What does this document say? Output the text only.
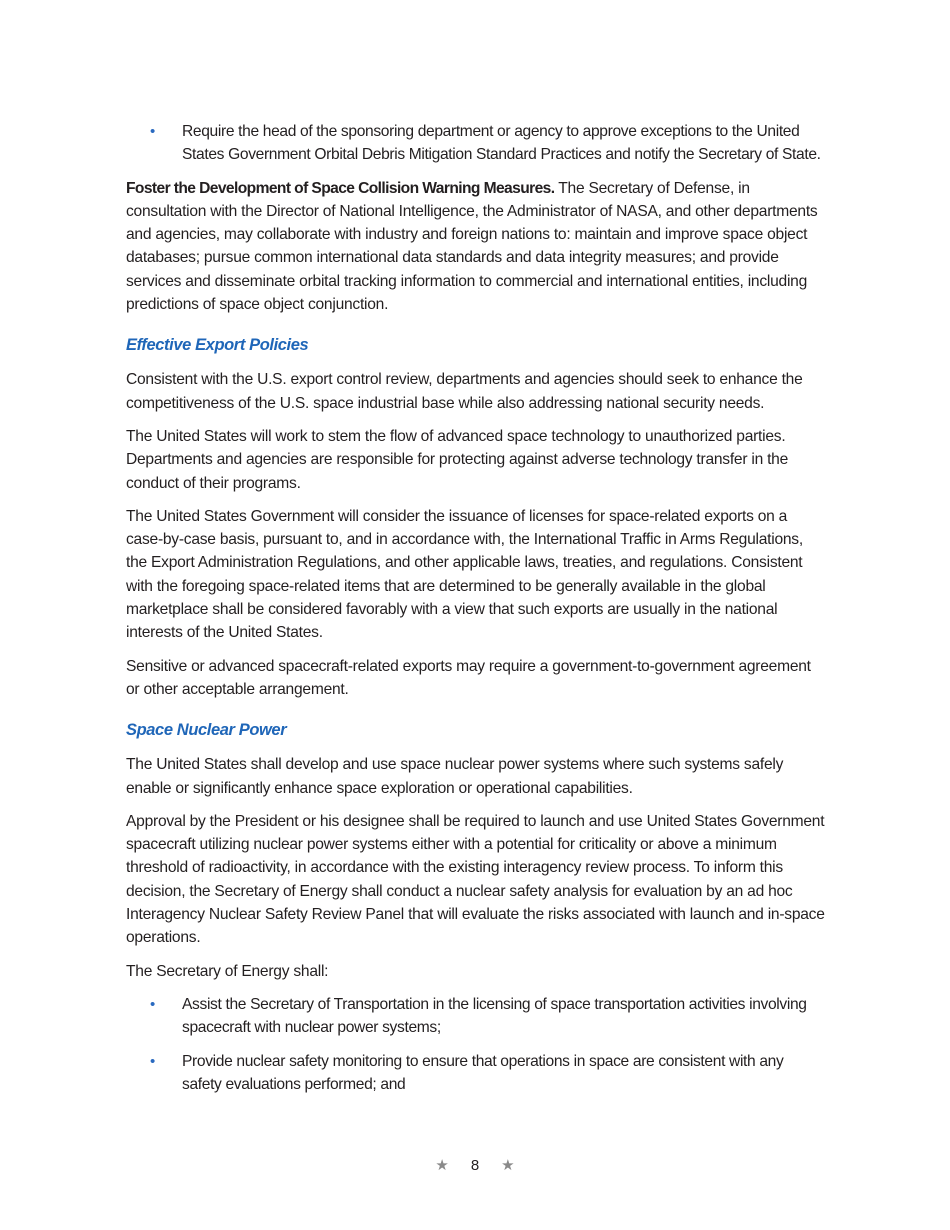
• Require the head of the sponsoring department or agency to approve exceptions to the United States Government Orbital Debris Mitigation Standard Practices and notify the Secretary of State.

Foster the Development of Space Collision Warning Measures. The Secretary of Defense, in consultation with the Director of National Intelligence, the Administrator of NASA, and other departments and agencies, may collaborate with industry and foreign nations to: maintain and improve space object databases; pursue common international data standards and data integrity measures; and provide services and disseminate orbital tracking information to commercial and international entities, including predictions of space object conjunction.

Effective Export Policies

Consistent with the U.S. export control review, departments and agencies should seek to enhance the competitiveness of the U.S. space industrial base while also addressing national security needs.

The United States will work to stem the flow of advanced space technology to unauthorized parties. Departments and agencies are responsible for protecting against adverse technology transfer in the conduct of their programs.

The United States Government will consider the issuance of licenses for space-related exports on a case-by-case basis, pursuant to, and in accordance with, the International Traffic in Arms Regulations, the Export Administration Regulations, and other applicable laws, treaties, and regulations. Consistent with the foregoing space-related items that are determined to be generally available in the global marketplace shall be considered favorably with a view that such exports are usually in the national interests of the United States.

Sensitive or advanced spacecraft-related exports may require a government-to-government agreement or other acceptable arrangement.

Space Nuclear Power

The United States shall develop and use space nuclear power systems where such systems safely enable or significantly enhance space exploration or operational capabilities.

Approval by the President or his designee shall be required to launch and use United States Government spacecraft utilizing nuclear power systems either with a potential for criticality or above a minimum threshold of radioactivity, in accordance with the existing interagency review process. To inform this decision, the Secretary of Energy shall conduct a nuclear safety analysis for evaluation by an ad hoc Interagency Nuclear Safety Review Panel that will evaluate the risks associated with launch and in-space operations.

The Secretary of Energy shall:

• Assist the Secretary of Transportation in the licensing of space transportation activities involving spacecraft with nuclear power systems;
• Provide nuclear safety monitoring to ensure that operations in space are consistent with any safety evaluations performed; and
★ 8 ★
